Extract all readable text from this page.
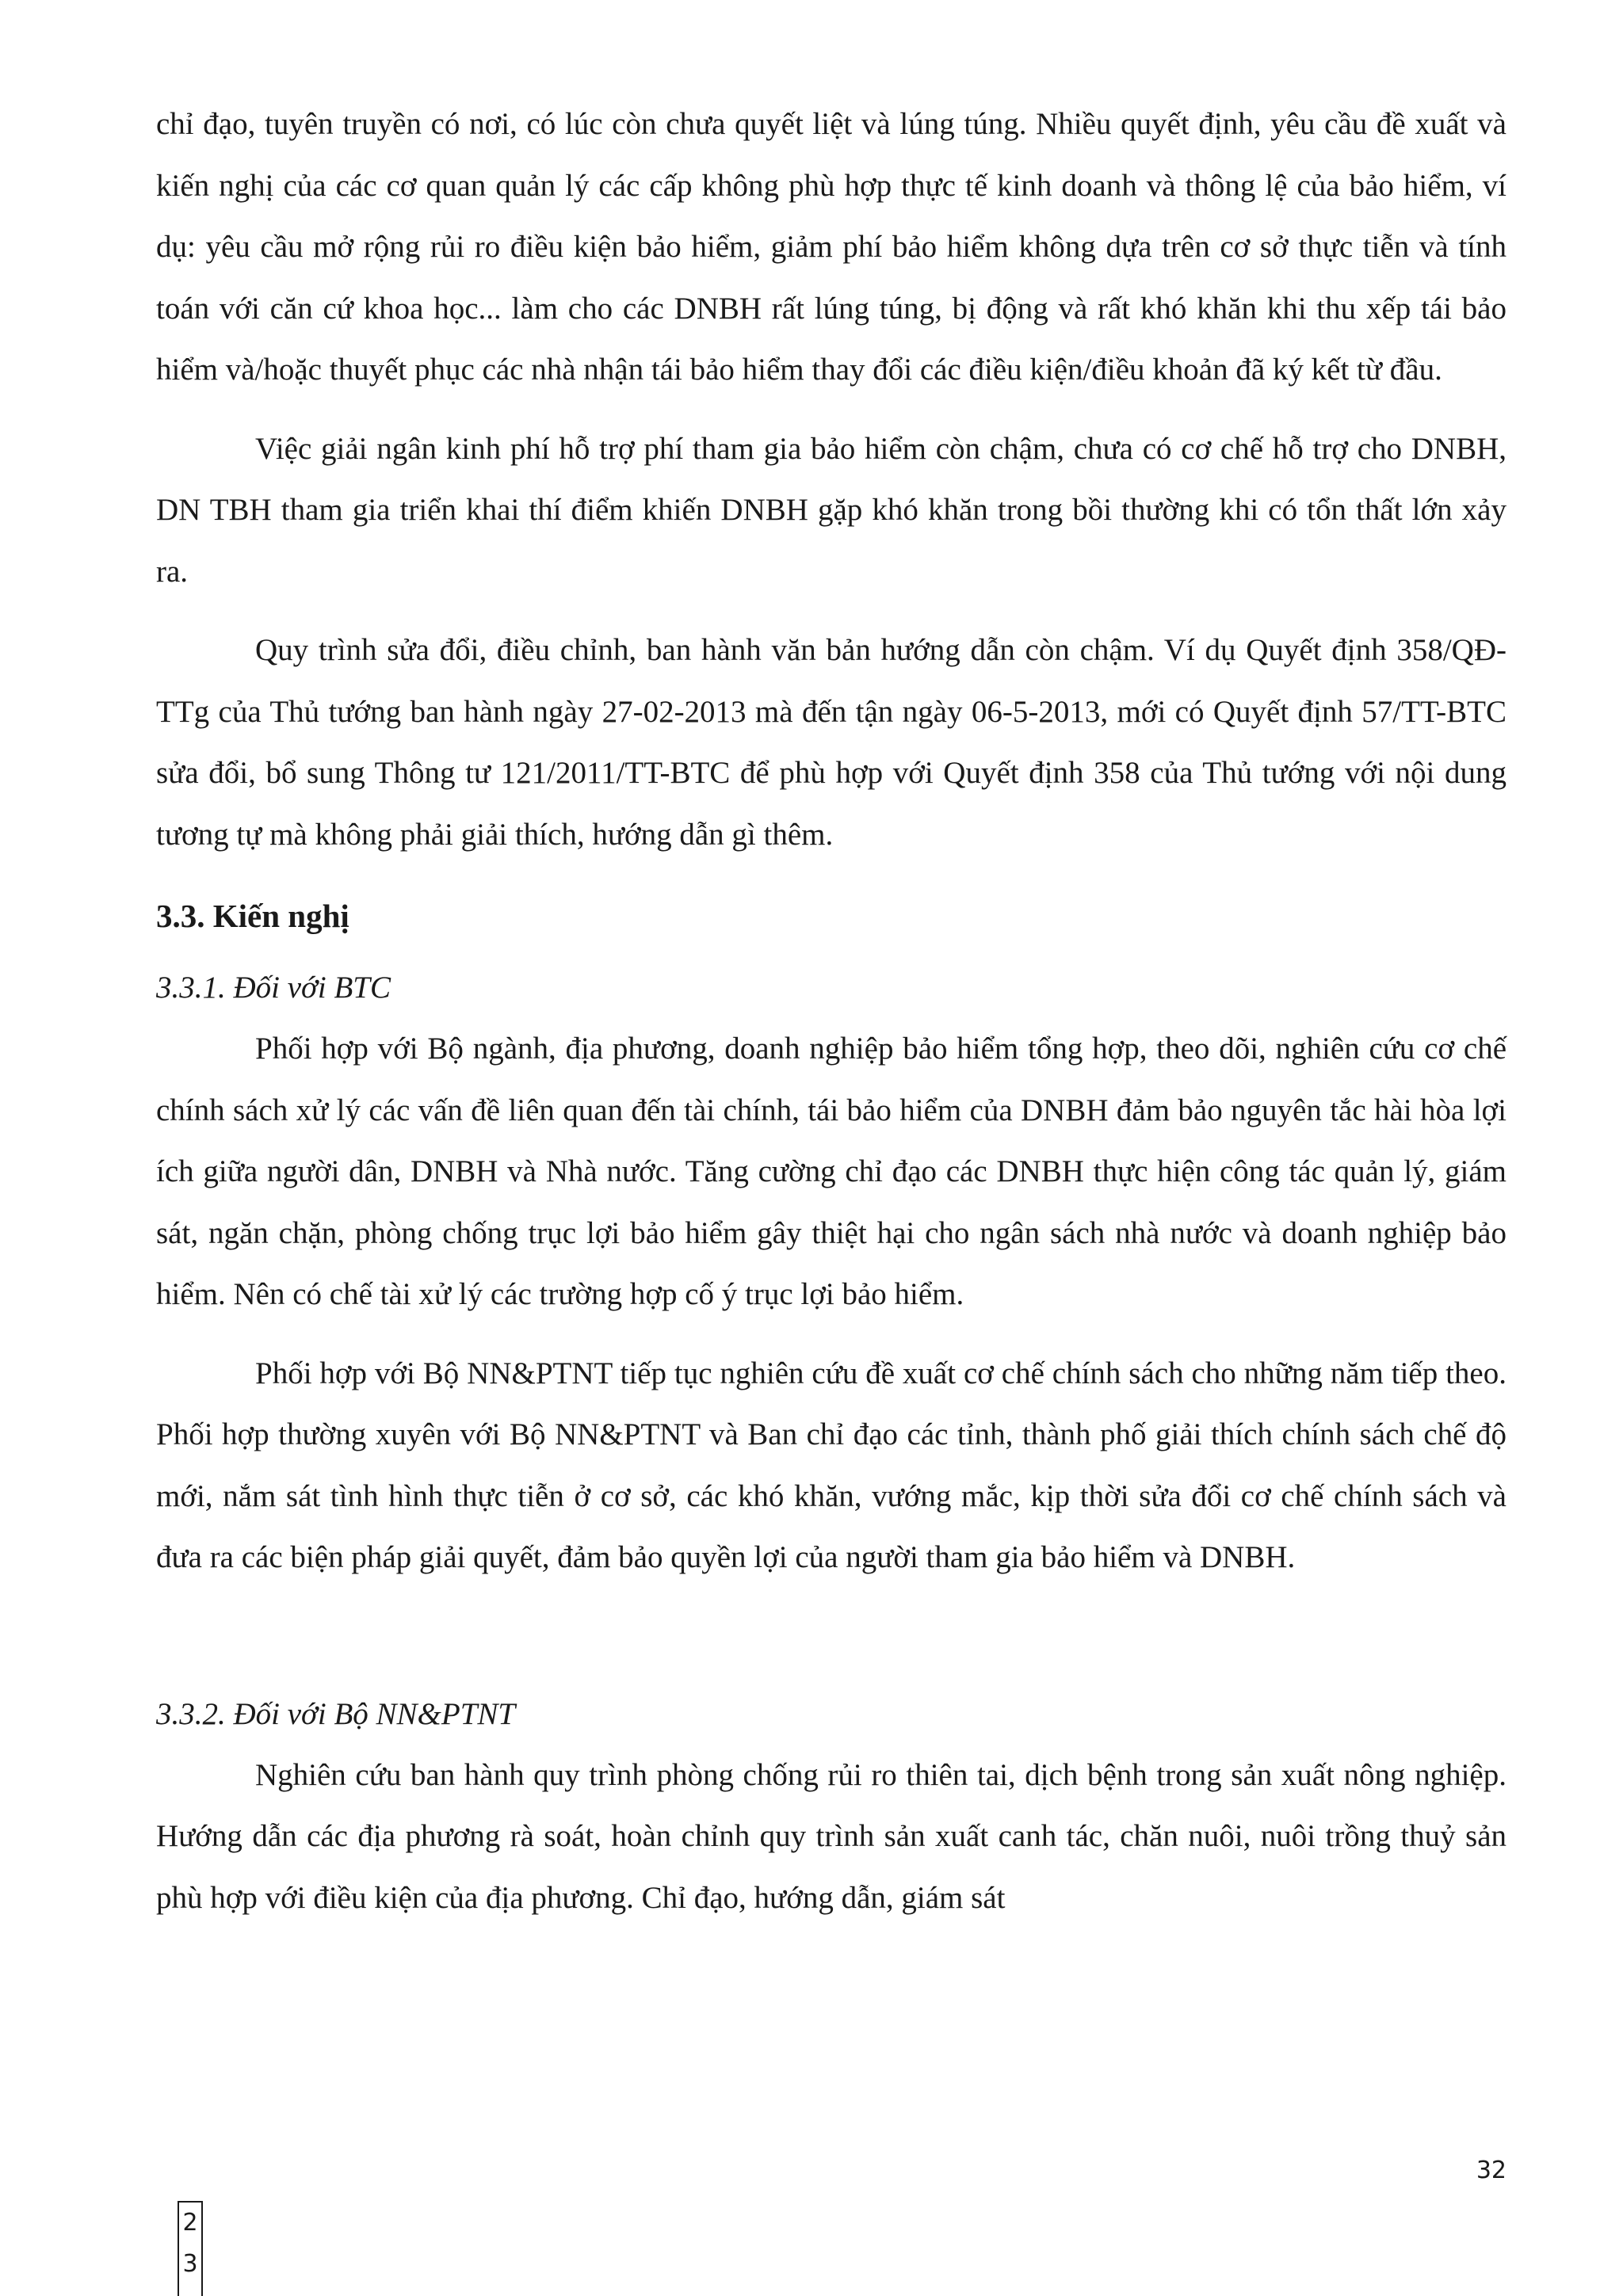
chỉ đạo, tuyên truyền có nơi, có lúc còn chưa quyết liệt và lúng túng. Nhiều quyết định, yêu cầu đề xuất và kiến nghị của các cơ quan quản lý các cấp không phù hợp thực tế kinh doanh và thông lệ của bảo hiểm, ví dụ: yêu cầu mở rộng rủi ro điều kiện bảo hiểm, giảm phí bảo hiểm không dựa trên cơ sở thực tiễn và tính toán với căn cứ khoa học... làm cho các DNBH rất lúng túng, bị động và rất khó khăn khi thu xếp tái bảo hiểm và/hoặc thuyết phục các nhà nhận tái bảo hiểm thay đổi các điều kiện/điều khoản đã ký kết từ đầu.

Việc giải ngân kinh phí hỗ trợ phí tham gia bảo hiểm còn chậm, chưa có cơ chế hỗ trợ cho DNBH, DN TBH tham gia triển khai thí điểm khiến DNBH gặp khó khăn trong bồi thường khi có tổn thất lớn xảy ra.

Quy trình sửa đổi, điều chỉnh, ban hành văn bản hướng dẫn còn chậm. Ví dụ Quyết định 358/QĐ-TTg của Thủ tướng ban hành ngày 27-02-2013 mà đến tận ngày 06-5-2013, mới có Quyết định 57/TT-BTC sửa đổi, bổ sung Thông tư 121/2011/TT-BTC để phù hợp với Quyết định 358 của Thủ tướng với nội dung tương tự mà không phải giải thích, hướng dẫn gì thêm.

3.3. Kiến nghị
3.3.1. Đối với BTC

Phối hợp với Bộ ngành, địa phương, doanh nghiệp bảo hiểm tổng hợp, theo dõi, nghiên cứu cơ chế chính sách xử lý các vấn đề liên quan đến tài chính, tái bảo hiểm của DNBH đảm bảo nguyên tắc hài hòa lợi ích giữa người dân, DNBH và Nhà nước. Tăng cường chỉ đạo các DNBH thực hiện công tác quản lý, giám sát, ngăn chặn, phòng chống trục lợi bảo hiểm gây thiệt hại cho ngân sách nhà nước và doanh nghiệp bảo hiểm. Nên có chế tài xử lý các trường hợp cố ý trục lợi bảo hiểm.

Phối hợp với Bộ NN&PTNT tiếp tục nghiên cứu đề xuất cơ chế chính sách cho những năm tiếp theo. Phối hợp thường xuyên với Bộ NN&PTNT và Ban chỉ đạo các tỉnh, thành phố giải thích chính sách chế độ mới, nắm sát tình hình thực tiễn ở cơ sở, các khó khăn, vướng mắc, kịp thời sửa đổi cơ chế chính sách và đưa ra các biện pháp giải quyết, đảm bảo quyền lợi của người tham gia bảo hiểm và DNBH.

3.3.2. Đối với Bộ NN&PTNT

Nghiên cứu ban hành quy trình phòng chống rủi ro thiên tai, dịch bệnh trong sản xuất nông nghiệp. Hướng dẫn các địa phương rà soát, hoàn chỉnh quy trình sản xuất canh tác, chăn nuôi, nuôi trồng thuỷ sản phù hợp với điều kiện của địa phương. Chỉ đạo, hướng dẫn, giám sát

32
2
3
